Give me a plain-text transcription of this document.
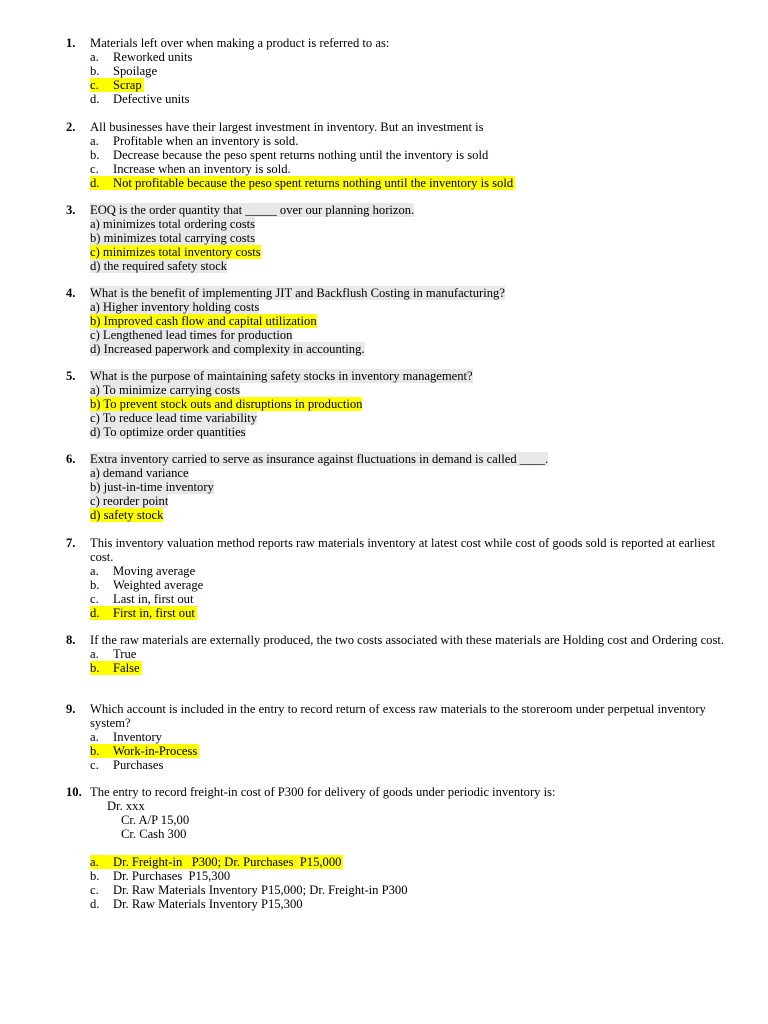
1.	Materials left over when making a product is referred to as:
a. Reworked units
b. Spoilage
c. Scrap
d. Defective units
2.	All businesses have their largest investment in inventory. But an investment is
a. Profitable when an inventory is sold.
b. Decrease because the peso spent returns nothing until the inventory is sold
c. Increase when an inventory is sold.
d. Not profitable because the peso spent returns nothing until the inventory is sold
3.	EOQ is the order quantity that _____ over our planning horizon.
a) minimizes total ordering costs
b) minimizes total carrying costs
c) minimizes total inventory costs
d) the required safety stock
4.	What is the benefit of implementing JIT and Backflush Costing in manufacturing?
a) Higher inventory holding costs
b) Improved cash flow and capital utilization
c) Lengthened lead times for production
d) Increased paperwork and complexity in accounting.
5.	What is the purpose of maintaining safety stocks in inventory management?
a) To minimize carrying costs
b) To prevent stock outs and disruptions in production
c) To reduce lead time variability
d) To optimize order quantities
6.	Extra inventory carried to serve as insurance against fluctuations in demand is called ____.
a) demand variance
b) just-in-time inventory
c) reorder point
d) safety stock
7.	This inventory valuation method reports raw materials inventory at latest cost while cost of goods sold is reported at earliest cost.
a. Moving average
b. Weighted average
c. Last in, first out
d. First in, first out
8.	If the raw materials are externally produced, the two costs associated with these materials are Holding cost and Ordering cost.
a. True
b. False
9.	Which account is included in the entry to record return of excess raw materials to the storeroom under perpetual inventory system?
a. Inventory
b. Work-in-Process
c. Purchases
10. The entry to record freight-in cost of P300 for delivery of goods under periodic inventory is:
Dr. xxx
Cr. A/P 15,00
Cr. Cash 300
a. Dr. Freight-in   P300; Dr. Purchases  P15,000
b. Dr. Purchases  P15,300
c. Dr. Raw Materials Inventory P15,000; Dr. Freight-in P300
d. Dr. Raw Materials Inventory P15,300
